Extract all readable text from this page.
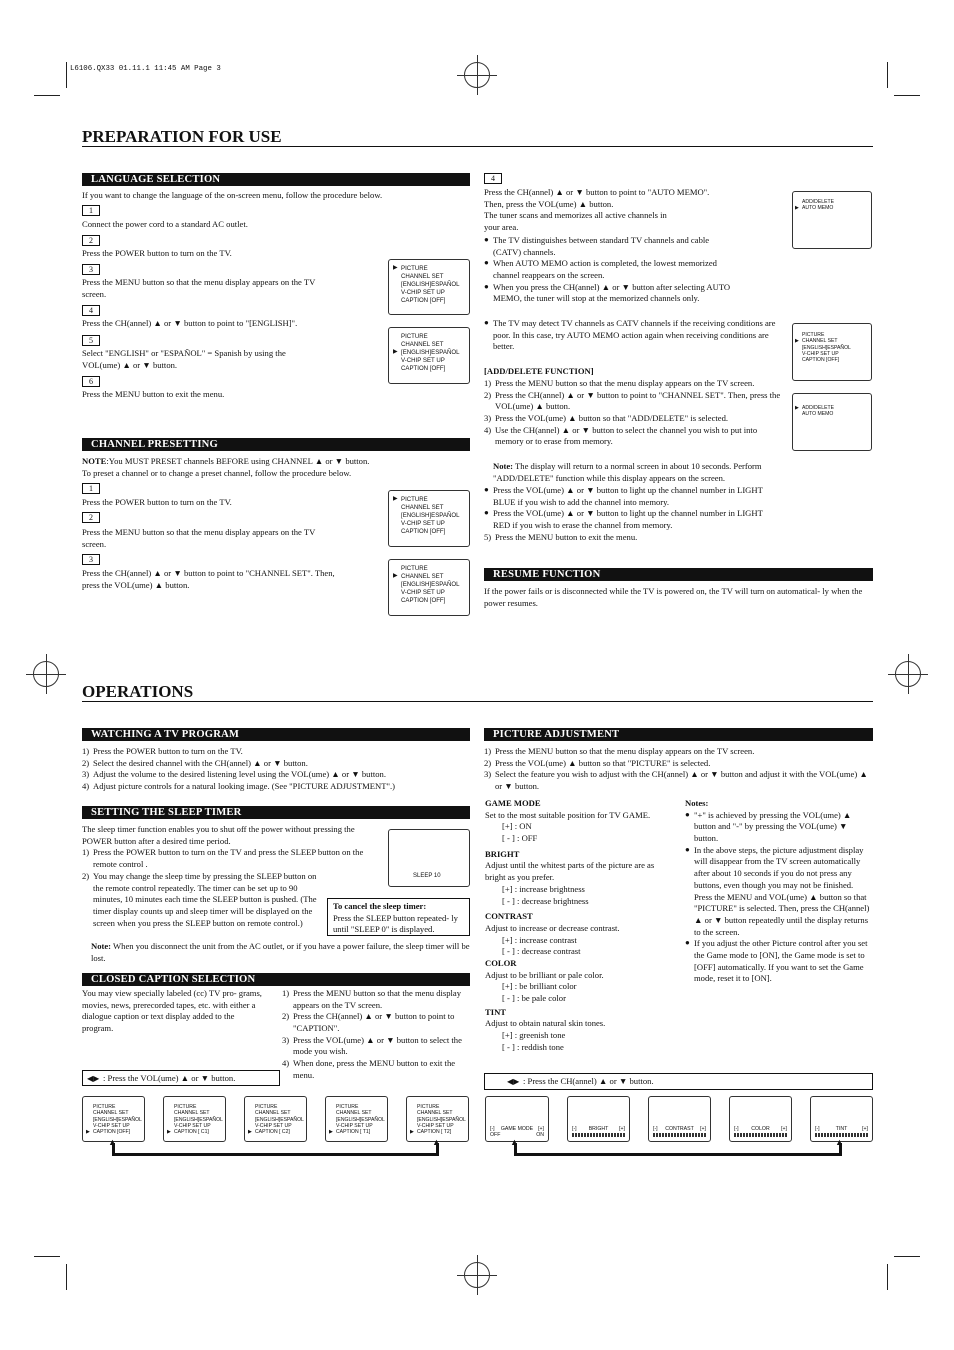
L6106.QX33 01.11.1 11:45 AM Page 3
PREPARATION FOR USE
LANGUAGE SELECTION
If you want to change the language of the on-screen menu, follow the procedure below.
1
Connect the power cord to a standard AC outlet.
2
Press the POWER button to turn on the TV.
3
Press the MENU button so that the menu display appears on the TV screen.
4
Press the CH(annel) ▲ or ▼ button to point to "[ENGLISH]".
5
Select "ENGLISH" or "ESPAÑOL" = Spanish by using the VOL(ume) ▲ or ▼ button.
6
Press the MENU button to exit the menu.
▶ PICTURE
CHANNEL SET
[ENGLISH]ESPAÑOL
V-CHIP SET UP
CAPTION [OFF]
PICTURE
CHANNEL SET
▶ [ENGLISH]ESPAÑOL
V-CHIP SET UP
CAPTION [OFF]
CHANNEL PRESETTING
NOTE:You MUST PRESET channels BEFORE using CHANNEL ▲ or ▼ button.
To preset a channel or to change a preset channel, follow the procedure below.
1
Press the POWER button to turn on the TV.
2
Press the MENU button so that the menu display appears on the TV screen.
3
Press the CH(annel) ▲ or ▼ button to point to "CHANNEL SET". Then, press the VOL(ume) ▲ button.
▶ PICTURE
CHANNEL SET
[ENGLISH]ESPAÑOL
V-CHIP SET UP
CAPTION [OFF]
PICTURE
▶ CHANNEL SET
[ENGLISH]ESPAÑOL
V-CHIP SET UP
CAPTION [OFF]
4
Press the CH(annel) ▲ or ▼ button to point to "AUTO MEMO".
Then, press the VOL(ume) ▲ button.
The tuner scans and memorizes all active channels in
your area.
● The TV distinguishes between standard TV channels and cable (CATV) channels.
● When AUTO MEMO action is completed, the lowest memorized channel reappears on the screen.
● When you press the CH(annel) ▲ or ▼ button after selecting AUTO MEMO, the tuner will stop at the memorized channels only.
● The TV may detect TV channels as CATV channels if the receiving conditions are poor. In this case, try AUTO MEMO action again when receiving conditions are better.
ADD/DELETE
▶ AUTO MEMO
[ADD/DELETE FUNCTION]
1) Press the MENU button so that the menu display appears on the TV screen.
2) Press the CH(annel) ▲ or ▼ button to point to "CHANNEL SET". Then, press the VOL(ume) ▲ button.
3) Press the VOL(ume) ▲ button so that "ADD/DELETE" is selected.
4) Use the CH(annel) ▲ or ▼ button to select the channel you wish to put into memory or to erase from memory.
Note: The display will return to a normal screen in about 10 seconds. Perform "ADD/DELETE" function while this display appears on the screen.
● Press the VOL(ume) ▲ or ▼ button to light up the channel number in LIGHT BLUE if you wish to add the channel into memory.
● Press the VOL(ume) ▲ or ▼ button to light up the channel number in LIGHT RED if you wish to erase the channel from memory.
5) Press the MENU button to exit the menu.
PICTURE
▶ CHANNEL SET
[ENGLISH]ESPAÑOL
V-CHIP SET UP
CAPTION [OFF]
▶ ADD/DELETE
AUTO MEMO
RESUME FUNCTION
If the power fails or is disconnected while the TV is powered on, the TV will turn on automatical- ly when the power resumes.
OPERATIONS
WATCHING A TV PROGRAM
1) Press the POWER button to turn on the TV.
2) Select the desired channel with the CH(annel) ▲ or ▼ button.
3) Adjust the volume to the desired listening level using the VOL(ume) ▲ or ▼ button.
4) Adjust picture controls for a natural looking image. (See "PICTURE ADJUSTMENT".)
SETTING THE SLEEP TIMER
The sleep timer function enables you to shut off the power without pressing the POWER button after a desired time period.
1) Press the POWER button to turn on the TV and press the SLEEP button on the remote control .
2) You may change the sleep time by pressing the SLEEP button on the remote control repeatedly. The timer can be set up to 90 minutes, 10 minutes each time the SLEEP button is pushed. (The timer display counts up and sleep timer will be displayed on the screen when you press the SLEEP button on remote control.)
Note: When you disconnect the unit from the AC outlet, or if you have a power failure, the sleep timer will be lost.
SLEEP 10
To cancel the sleep timer:
Press the SLEEP button repeated- ly until "SLEEP 0" is displayed.
CLOSED CAPTION SELECTION
You may view specially labeled (cc) TV pro- grams, movies, news, prerecorded tapes, etc. with either a dialogue caption or text display added to the program.
1) Press the MENU button so that the menu display appears on the TV screen.
2) Press the CH(annel) ▲ or ▼ button to point to "CAPTION".
3) Press the VOL(ume) ▲ or ▼ button to select the mode you wish.
4) When done, press the MENU button to exit the menu.
◀▶ : Press the VOL(ume) ▲ or ▼ button.
PICTURE
CHANNEL SET
[ENGLISH]ESPAÑOL
V-CHIP SET UP
▶ CAPTION [OFF]
PICTURE
CHANNEL SET
[ENGLISH]ESPAÑOL
V-CHIP SET UP
▶ CAPTION [ C1]
PICTURE
CHANNEL SET
[ENGLISH]ESPAÑOL
V-CHIP SET UP
▶ CAPTION [ C2]
PICTURE
CHANNEL SET
[ENGLISH]ESPAÑOL
V-CHIP SET UP
▶ CAPTION [ T1]
PICTURE
CHANNEL SET
[ENGLISH]ESPAÑOL
V-CHIP SET UP
▶ CAPTION [ T2]
▲	▲
PICTURE ADJUSTMENT
1) Press the MENU button so that the menu display appears on the TV screen.
2) Press the VOL(ume) ▲ button so that "PICTURE" is selected.
3) Select the feature you wish to adjust with the CH(annel) ▲ or ▼ button and adjust it with the VOL(ume) ▲ or ▼ button.
GAME MODE
Set to the most suitable position for TV GAME.
[+] : ON
[ - ] : OFF
BRIGHT
Adjust until the whitest parts of the picture are as bright as you prefer.
[+] : increase brightness
[ - ] : decrease brightness
CONTRAST
Adjust to increase or decrease contrast.
[+] : increase contrast
[ - ] : decrease contrast
COLOR
Adjust to be brilliant or pale color.
[+] : be brilliant color
[ - ] : be pale color
TINT
Adjust to obtain natural skin tones.
[+] : greenish tone
[ - ] : reddish tone
Notes:
● "+" is achieved by pressing the VOL(ume) ▲ button and "-" by pressing the VOL(ume) ▼ button.
● In the above steps, the picture adjustment display will disappear from the TV screen automatically after about 10 seconds if you do not press any buttons, even though you may not be finished. Press the MENU and VOL(ume) ▲ button so that "PICTURE" is selected. Then, press the CH(annel) ▲ or ▼ button repeatedly until the display returns to the screen.
● If you adjust the other Picture control after you set the Game mode to [ON], the Game mode is set to [OFF] automatically. If you want to set the Game mode, reset it to [ON].
◀▶ : Press the CH(annel) ▲ or ▼ button.
[-]	GAME MODE [+]
OFF	ON
[-]	BRIGHT	[+]	[-]	CONTRAST	[+]	[-]	COLOR	[+]	[-]	TINT	[+]
▲	▲
